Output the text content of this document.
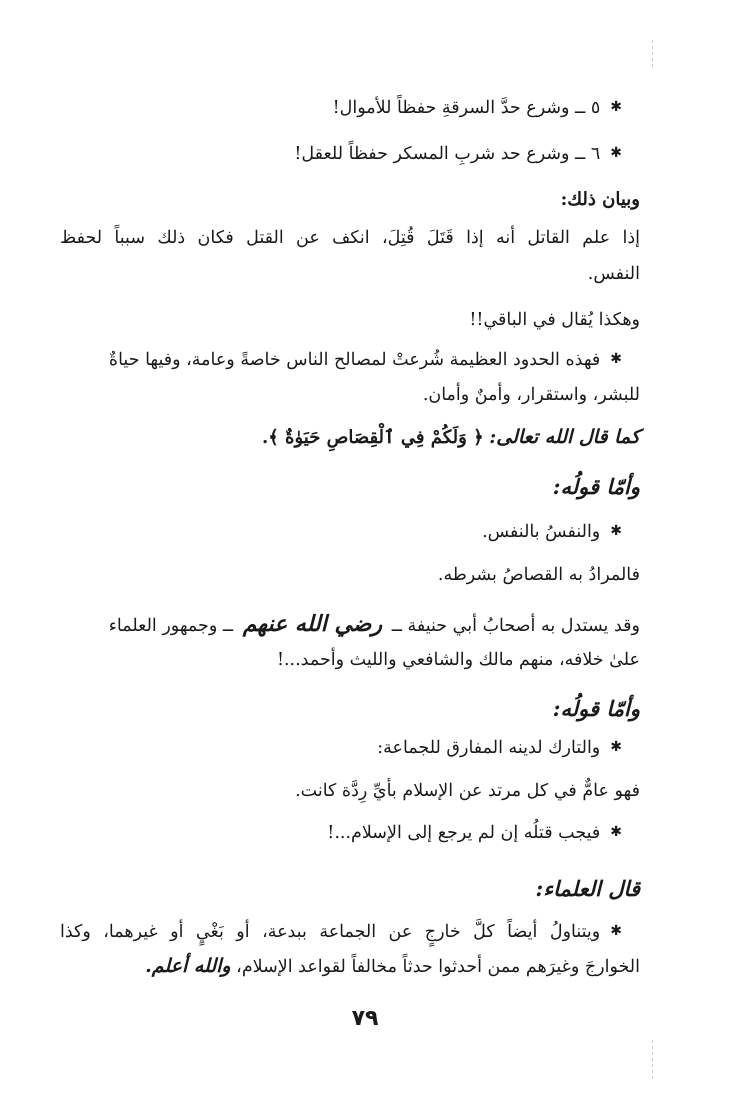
✱٥ ــ وشرع حدَّ السرقةِ حفظاً للأموال!
✱٦ ــ وشرع حد شربِ المسكر حفظاً للعقل!
وبيان ذلك:
إذا علم القاتل أنه إذا قَتَلَ قُتِلَ، انكف عن القتل فكان ذلك سبباً لحفظ
النفس.
وهكذا يُقال في الباقي!!
✱فهذه الحدود العظيمة شُرعتْ لمصالح الناس خاصةً وعامة، وفيها حياةٌ
للبشر، واستقرار، وأمنٌ وأمان.
كما قال الله تعالى: ﴿ وَلَكُمْ فِي ٱلْقِصَاصِ حَيَوٰةٌ ﴾.
وأمّا قولُه:
✱والنفسُ بالنفس.
فالمرادُ به القصاصُ بشرطه.
وقد يستدل به أصحابُ أبي حنيفة ــ رضي الله عنهم ــ وجمهور العلماء
علىٰ خلافه، منهم مالك والشافعي والليث وأحمد...!
وأمّا قولُه:
✱والتارك لدينه المفارق للجماعة:
فهو عامٌّ في كل مرتد عن الإسلام بأيِّ رِدَّة كانت.
✱فيجب قتلُه إن لم يرجع إلى الإسلام...!
قال العلماء:
✱ويتناولُ أيضاً كلَّ خارجٍ عن الجماعة ببدعة، أو بَغْيٍ أو غيرهما، وكذا
الخوارجَ وغيرَهم ممن أحدثوا حدثاً مخالفاً لقواعد الإسلام، والله أعلم.
٧٩
